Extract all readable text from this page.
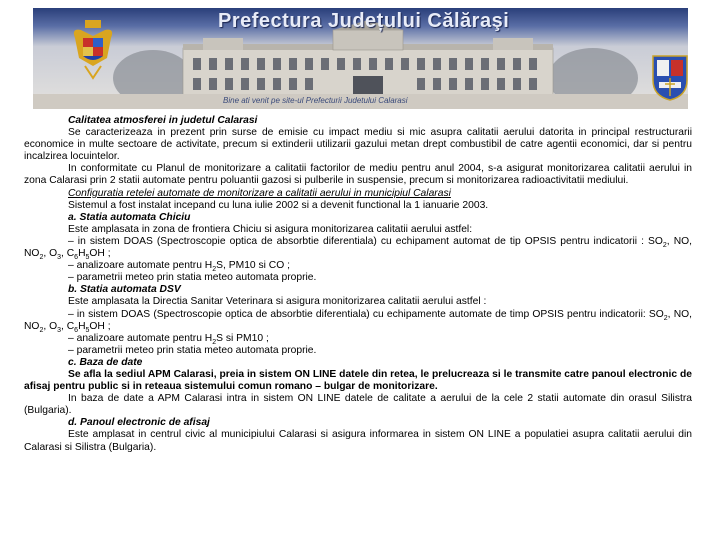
Prefectura Județului Călăraşi
Bine ati venit pe site-ul Prefecturii Judetului Calarasi

Calitatea atmosferei in judetul Calarasi

Se caracterizeaza in prezent prin surse de emisie cu impact mediu si mic asupra calitatii aerului datorita in principal restructurarii economice in multe sectoare de activitate, precum si extinderii utilizarii gazului metan drept combustibil de catre agentii economici, dar si pentru incalzirea locuintelor.

In conformitate cu Planul de monitorizare a calitatii factorilor de mediu pentru anul 2004, s-a asigurat monitorizarea calitatii aerului in zona Calarasi prin 2 statii automate pentru poluantii gazosi si pulberile in suspensie, precum si monitorizarea radioactivitatii mediului.

Configuratia retelei automate de monitorizare a calitatii aerului in municipiul Calarasi

Sistemul a fost instalat incepand cu luna iulie 2002 si a devenit functional la 1 ianuarie 2003.

a. Statia automata Chiciu

Este amplasata in zona de frontiera Chiciu si asigura monitorizarea calitatii aerului astfel:

– in sistem DOAS (Spectroscopie optica de absorbtie diferentiala) cu echipament automat de tip OPSIS pentru indicatorii : $SO_2$, NO, $NO_2$, $O_3$, $C_6H_5OH$ ;

– analizoare automate pentru $H_2S$, PM10 si CO ;

– parametrii meteo prin statia meteo automata proprie.

b. Statia automata DSV

Este amplasata la Directia Sanitar Veterinara si asigura monitorizarea calitatii aerului astfel :

– in sistem DOAS (Spectroscopie optica de absorbtie diferentiala) cu echipamente automate de timp OPSIS pentru indicatorii: $SO_2$, NO, $NO_2$, $O_3$, $C_6H_5OH$ ;

– analizoare automate pentru $H_2S$ si PM10 ;

– parametrii meteo prin statia meteo automata proprie.

c. Baza de date

Se afla la sediul APM Calarasi, preia in sistem ON LINE datele din retea, le prelucreaza si le transmite catre panoul electronic de afisaj pentru public si in reteaua sistemului comun romano – bulgar de monitorizare.

In baza de date a APM Calarasi intra in sistem ON LINE datele de calitate a aerului de la cele 2 statii automate din orasul Silistra (Bulgaria).

d. Panoul electronic de afisaj

Este amplasat in centrul civic al municipiului Calarasi si asigura informarea in sistem ON LINE a populatiei asupra calitatii aerului din Calarasi si Silistra (Bulgaria).
